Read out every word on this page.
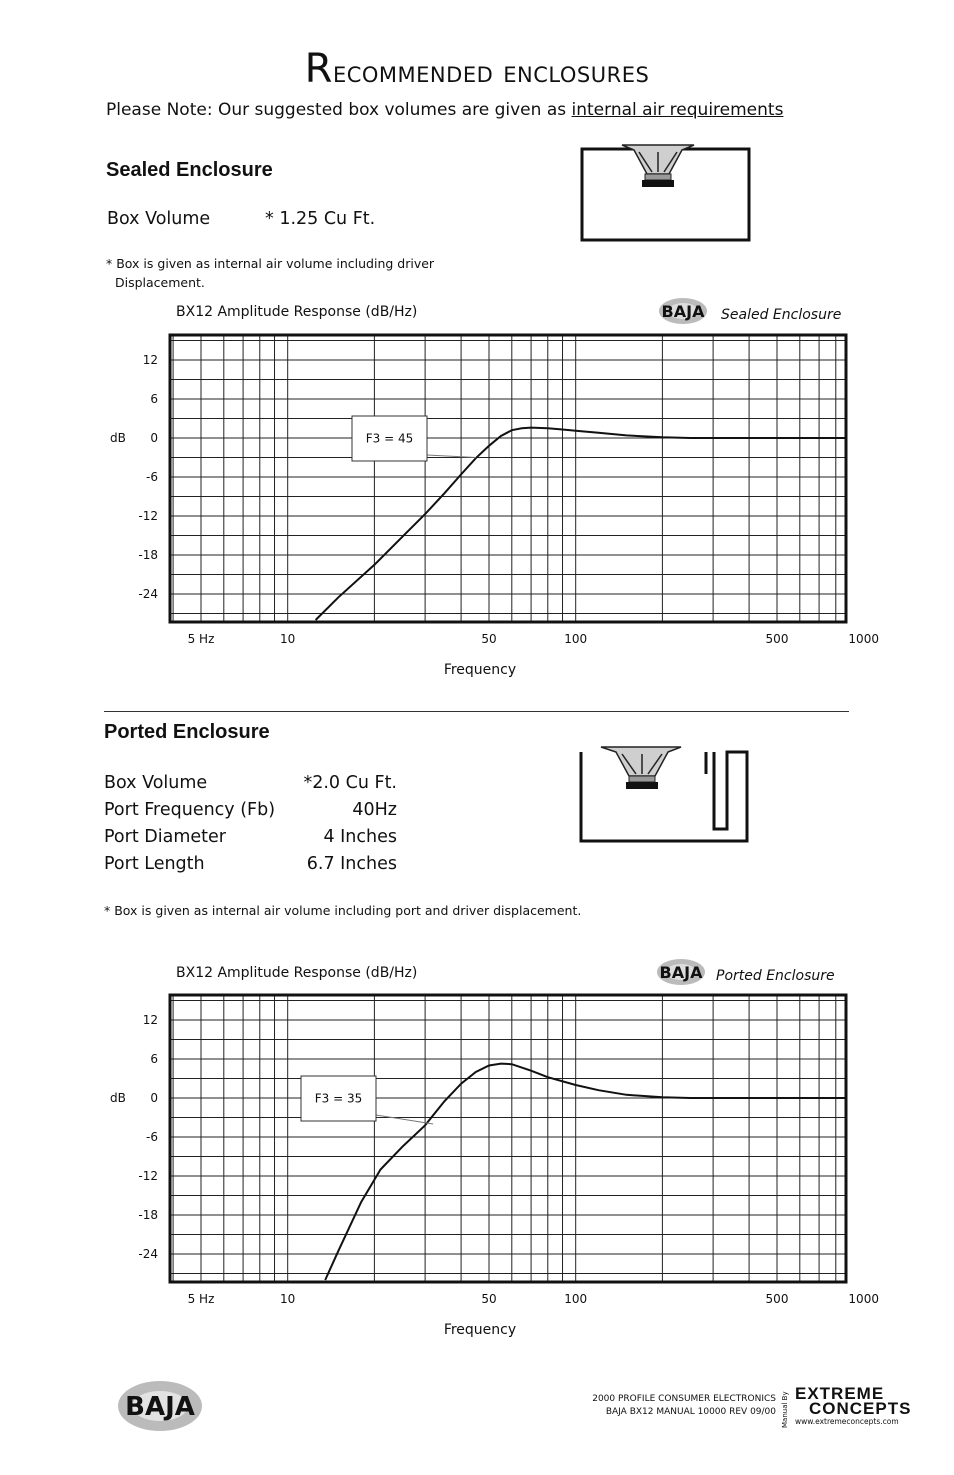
Recommended enclosures
Please Note: Our suggested box volumes are given as internal air requirements
Sealed Enclosure
Box Volume	* 1.25 Cu Ft.
* Box is given as internal air volume including driver
Displacement.
BX12 Amplitude Response (dB/Hz)	BAJA Sealed Enclosure
12
6
0
-6
-12
-18
-24
dB
5 Hz	10	50	100	500	1000
Frequency
F3 = 45
Ported Enclosure
Box Volume	*2.0 Cu Ft.
Port Frequency (Fb)	40Hz
Port Diameter	4 Inches
Port Length	6.7 Inches
* Box is given as internal air volume including port and driver displacement.
BX12 Amplitude Response (dB/Hz)	BAJA Ported Enclosure
12
6
0
-6
-12
-18
-24
dB
5 Hz	10	50	100	500	1000
Frequency
F3 = 35
BAJA	2000 PROFILE CONSUMER ELECTRONICS
BAJA BX12 MANUAL 10000 REV 09/00 Manual By EXTREME
CONCEPTS
www.extremeconcepts.com
